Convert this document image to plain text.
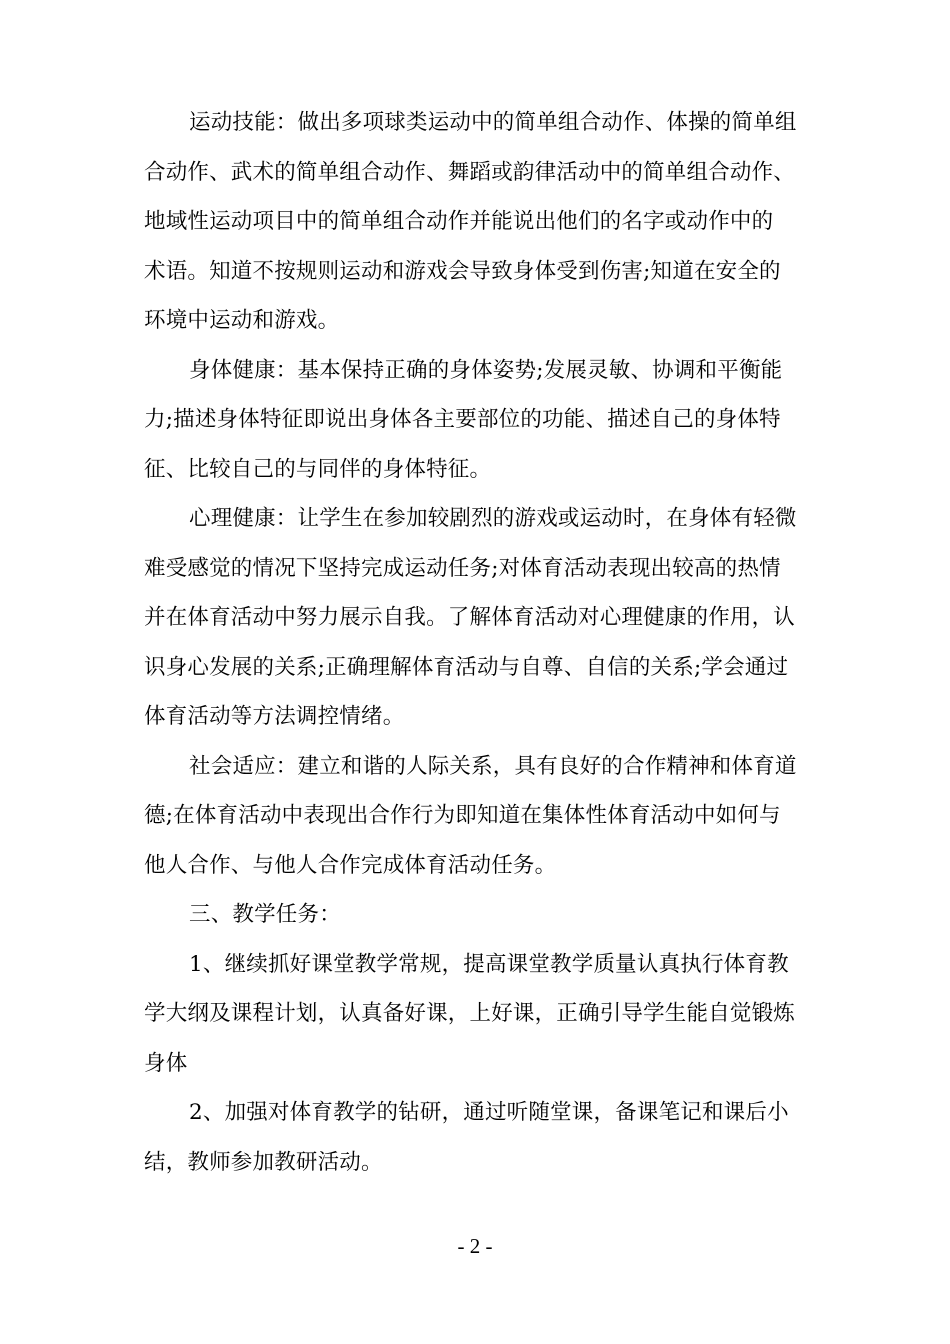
运动技能：做出多项球类运动中的简单组合动作、体操的简单组
合动作、武术的简单组合动作、舞蹈或韵律活动中的简单组合动作、
地域性运动项目中的简单组合动作并能说出他们的名字或动作中的
术语。知道不按规则运动和游戏会导致身体受到伤害;知道在安全的
环境中运动和游戏。
身体健康：基本保持正确的身体姿势;发展灵敏、协调和平衡能
力;描述身体特征即说出身体各主要部位的功能、描述自己的身体特
征、比较自己的与同伴的身体特征。
心理健康：让学生在参加较剧烈的游戏或运动时，在身体有轻微
难受感觉的情况下坚持完成运动任务;对体育活动表现出较高的热情
并在体育活动中努力展示自我。了解体育活动对心理健康的作用，认
识身心发展的关系;正确理解体育活动与自尊、自信的关系;学会通过
体育活动等方法调控情绪。
社会适应：建立和谐的人际关系，具有良好的合作精神和体育道
德;在体育活动中表现出合作行为即知道在集体性体育活动中如何与
他人合作、与他人合作完成体育活动任务。
三、教学任务：
1、继续抓好课堂教学常规，提高课堂教学质量认真执行体育教
学大纲及课程计划，认真备好课，上好课，正确引导学生能自觉锻炼
身体
2、加强对体育教学的钻研，通过听随堂课，备课笔记和课后小
结，教师参加教研活动。
- 2 -
